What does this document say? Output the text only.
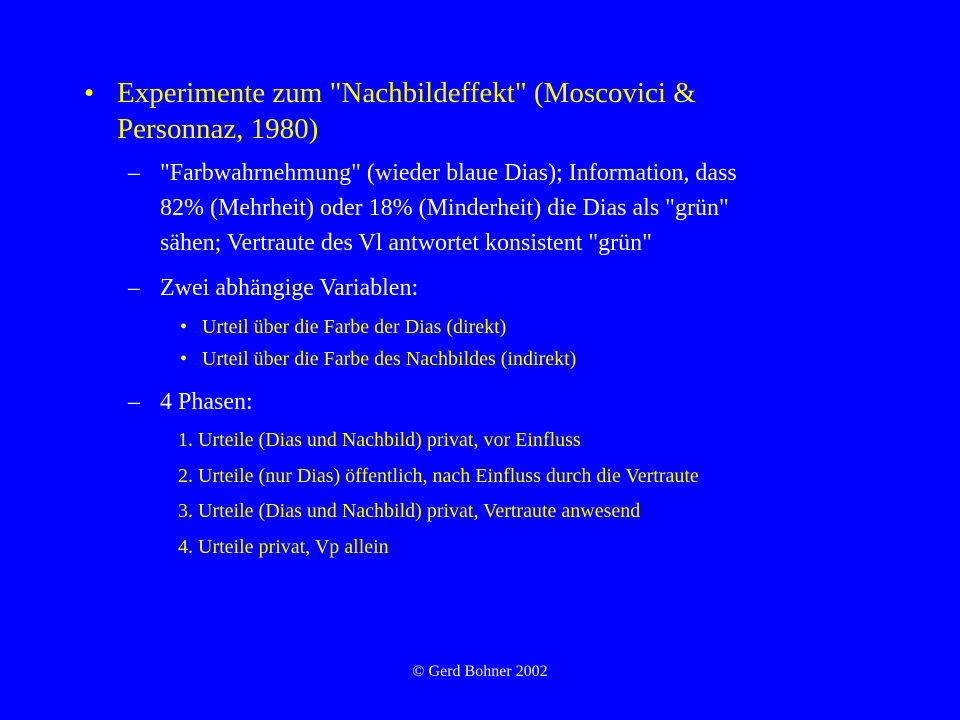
• Experimente zum "Nachbildeffekt" (Moscovici &
Personnaz, 1980)
– "Farbwahrnehmung" (wieder blaue Dias); Information, dass
82% (Mehrheit) oder 18% (Minderheit) die Dias als "grün"
sähen; Vertraute des Vl antwortet konsistent "grün"
– Zwei abhängige Variablen:
• Urteil über die Farbe der Dias (direkt)
• Urteil über die Farbe des Nachbildes (indirekt)
– 4 Phasen:
1. Urteile (Dias und Nachbild) privat, vor Einfluss
2. Urteile (nur Dias) öffentlich, nach Einfluss durch die Vertraute
3. Urteile (Dias und Nachbild) privat, Vertraute anwesend
4. Urteile privat, Vp allein
© Gerd Bohner 2002
